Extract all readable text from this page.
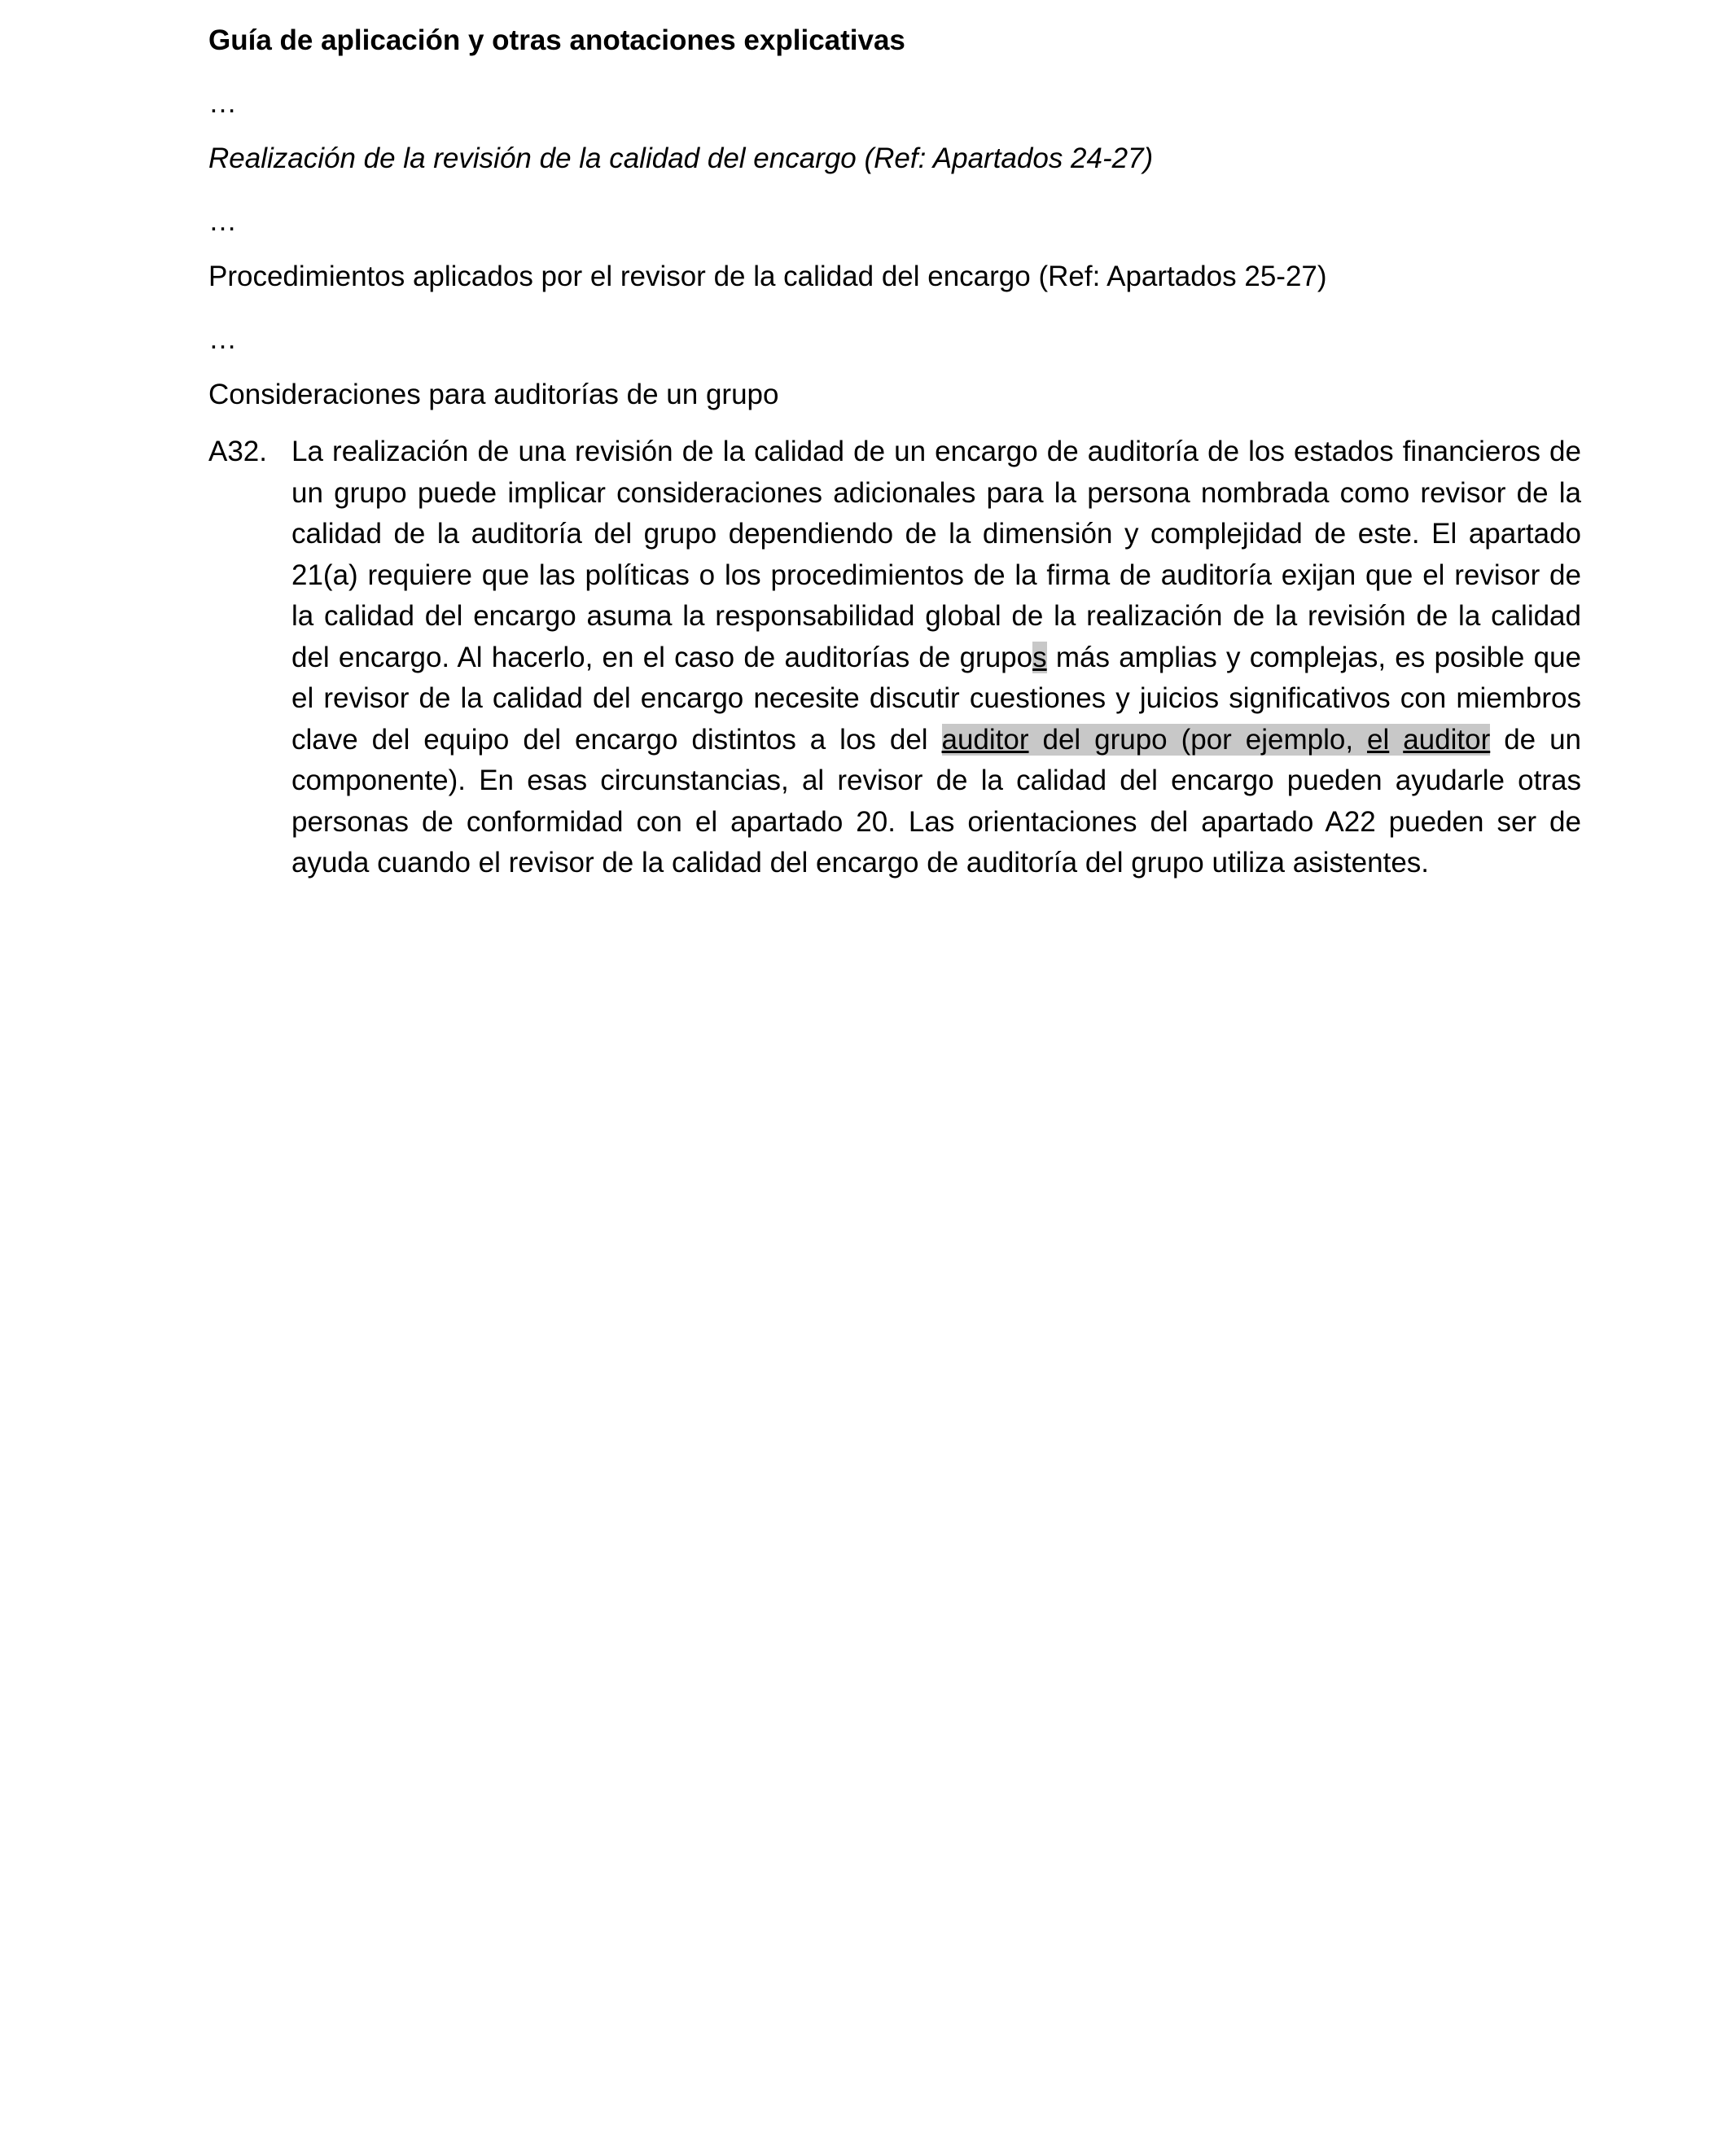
Guía de aplicación y otras anotaciones explicativas
…
Realización de la revisión de la calidad del encargo (Ref: Apartados 24-27)
…
Procedimientos aplicados por el revisor de la calidad del encargo (Ref: Apartados 25-27)
…
Consideraciones para auditorías de un grupo
A32. La realización de una revisión de la calidad de un encargo de auditoría de los estados financieros de un grupo puede implicar consideraciones adicionales para la persona nombrada como revisor de la calidad de la auditoría del grupo dependiendo de la dimensión y complejidad de este. El apartado 21(a) requiere que las políticas o los procedimientos de la firma de auditoría exijan que el revisor de la calidad del encargo asuma la responsabilidad global de la realización de la revisión de la calidad del encargo. Al hacerlo, en el caso de auditorías de grupos más amplias y complejas, es posible que el revisor de la calidad del encargo necesite discutir cuestiones y juicios significativos con miembros clave del equipo del encargo distintos a los del auditor del grupo (por ejemplo, el auditor de un componente). En esas circunstancias, al revisor de la calidad del encargo pueden ayudarle otras personas de conformidad con el apartado 20. Las orientaciones del apartado A22 pueden ser de ayuda cuando el revisor de la calidad del encargo de auditoría del grupo utiliza asistentes.
